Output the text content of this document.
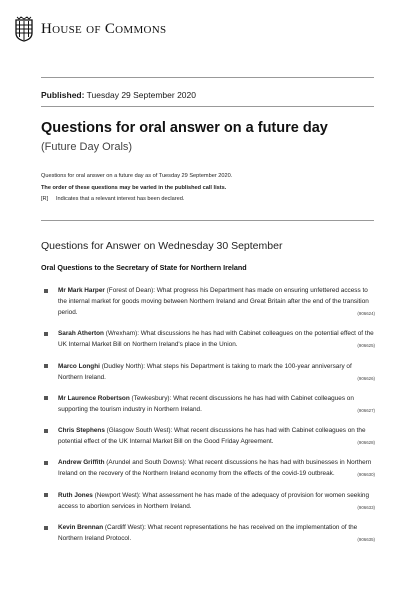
House of Commons
Published: Tuesday 29 September 2020
Questions for oral answer on a future day
(Future Day Orals)
Questions for oral answer on a future day as of Tuesday 29 September 2020.
The order of these questions may be varied in the published call lists.
[R] Indicates that a relevant interest has been declared.
Questions for Answer on Wednesday 30 September
Oral Questions to the Secretary of State for Northern Ireland
Mr Mark Harper (Forest of Dean): What progress his Department has made on ensuring unfettered access to the internal market for goods moving between Northern Ireland and Great Britain after the end of the transition period.	(906624)
Sarah Atherton (Wrexham): What discussions he has had with Cabinet colleagues on the potential effect of the UK Internal Market Bill on Northern Ireland's place in the Union.	(906625)
Marco Longhi (Dudley North): What steps his Department is taking to mark the 100-year anniversary of Northern Ireland.	(906626)
Mr Laurence Robertson (Tewkesbury): What recent discussions he has had with Cabinet colleagues on supporting the tourism industry in Northern Ireland.	(906627)
Chris Stephens (Glasgow South West): What recent discussions he has had with Cabinet colleagues on the potential effect of the UK Internal Market Bill on the Good Friday Agreement.	(906628)
Andrew Griffith (Arundel and South Downs): What recent discussions he has had with businesses in Northern Ireland on the recovery of the Northern Ireland economy from the effects of the covid-19 outbreak.	(906630)
Ruth Jones (Newport West): What assessment he has made of the adequacy of provision for women seeking access to abortion services in Northern Ireland.	(906633)
Kevin Brennan (Cardiff West): What recent representations he has received on the implementation of the Northern Ireland Protocol.	(906635)
